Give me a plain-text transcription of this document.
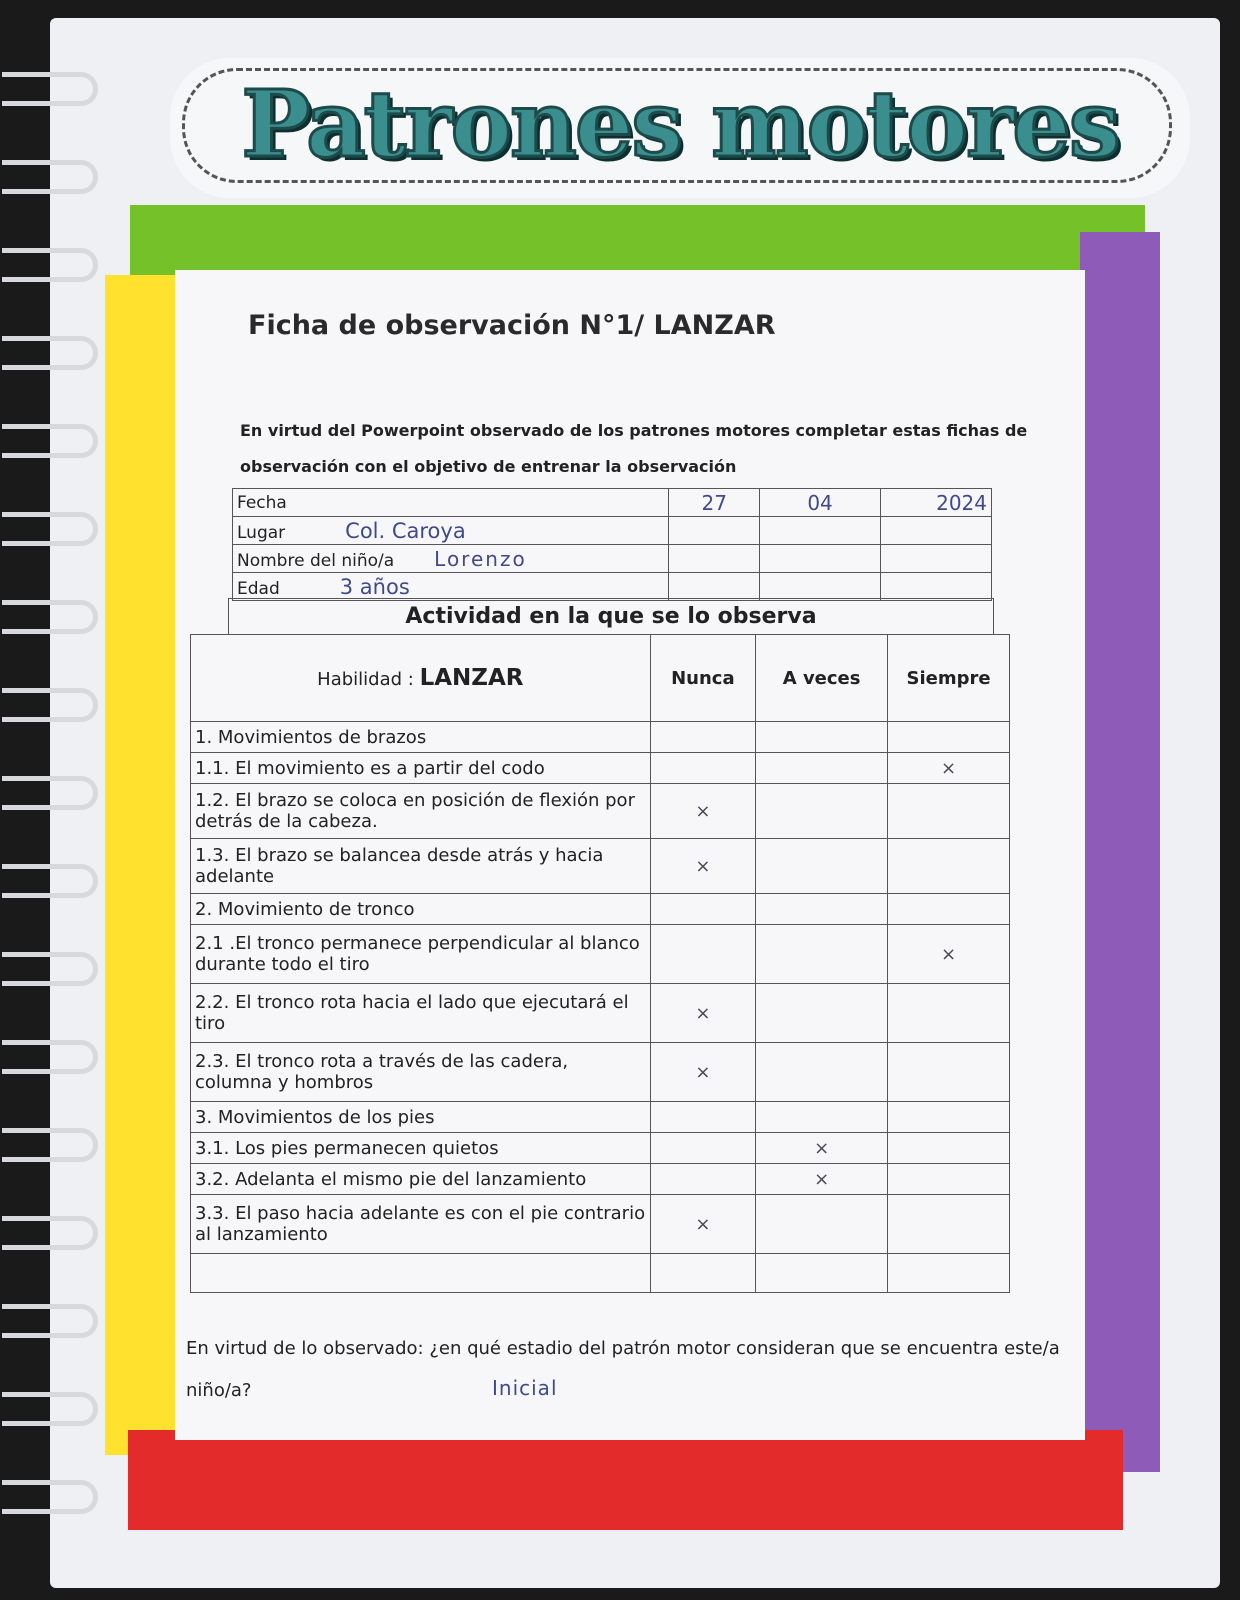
Patrones motores
Ficha de observación N°1/ LANZAR
En virtud del Powerpoint observado de los patrones motores completar estas fichas de observación con el objetivo de entrenar la observación
Fecha	27	04	2024
Lugar Col. Caroya			
Nombre del niño/a Lorenzo			
Edad 3 años			
Actividad en la que se lo observa
Habilidad : LANZAR	Nunca	A veces	Siempre
1. Movimientos de brazos			
1.1. El movimiento es a partir del codo			×
1.2. El brazo se coloca en posición de flexión por detrás de la cabeza.	×		
1.3. El brazo se balancea desde atrás y hacia adelante	×		
2. Movimiento de tronco			
2.1 .El tronco permanece perpendicular al blanco durante todo el tiro			×
2.2. El tronco rota hacia el lado que ejecutará el tiro	×		
2.3. El tronco rota a través de las cadera, columna y hombros	×		
3. Movimientos de los pies			
3.1. Los pies permanecen quietos		×	
3.2. Adelanta el mismo pie del lanzamiento		×	
3.3. El paso hacia adelante es con el pie contrario al lanzamiento	×		

En virtud de lo observado: ¿en qué estadio del patrón motor consideran que se encuentra este/a niño/a?	Inicial
